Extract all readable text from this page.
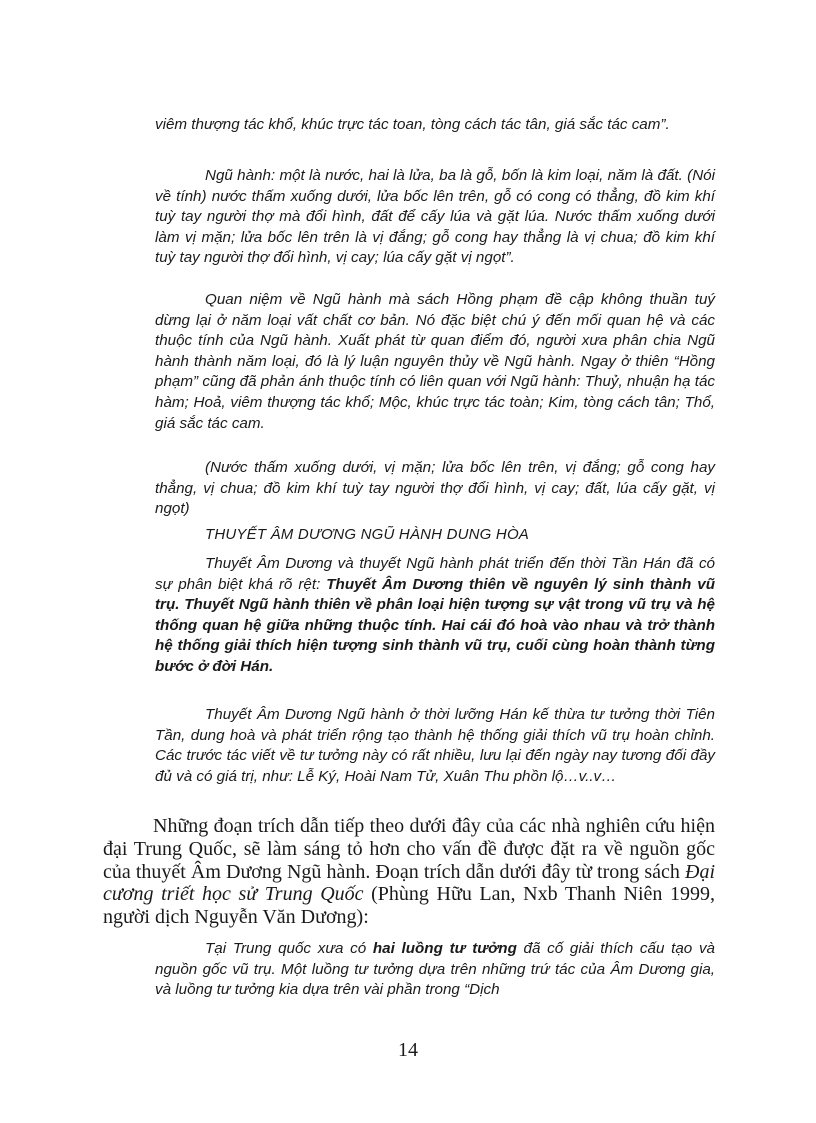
viêm thượng tác khổ, khúc trực tác toan, tòng cách tác tân, giá sắc tác cam”.

Ngũ hành: một là nước, hai là lửa, ba là gỗ, bốn là kim loại, năm là đất. (Nói về tính) nước thấm xuống dưới, lửa bốc lên trên, gỗ có cong có thẳng, đồ kim khí tuỳ tay người thợ mà đổi hình, đất để cấy lúa và gặt lúa. Nước thấm xuống dưới làm vị mặn; lửa bốc lên trên là vị đắng; gỗ cong hay thẳng là vị chua; đồ kim khí tuỳ tay người thợ đổi hình, vị cay; lúa cấy gặt vị ngọt”.

Quan niệm về Ngũ hành mà sách Hồng phạm đề cập không thuần tuý dừng lại ở năm loại vất chất cơ bản. Nó đặc biệt chú ý đến mối quan hệ và các thuộc tính của Ngũ hành. Xuất phát từ quan điểm đó, người xưa phân chia Ngũ hành thành năm loại, đó là lý luận nguyên thủy về Ngũ hành. Ngay ở thiên “Hồng phạm” cũng đã phản ánh thuộc tính có liên quan với Ngũ hành: Thuỷ, nhuận hạ tác hàm; Hoả, viêm thượng tác khổ; Mộc, khúc trực tác toàn; Kim, tòng cách tân; Thổ, giá sắc tác cam.

(Nước thấm xuống dưới, vị mặn; lửa bốc lên trên, vị đắng; gỗ cong hay thẳng, vị chua; đồ kim khí tuỳ tay người thợ đổi hình, vị cay; đất, lúa cấy gặt, vị ngọt)

THUYẾT ÂM DƯƠNG NGŨ HÀNH DUNG HÒA

Thuyết Âm Dương và thuyết Ngũ hành phát triển đến thời Tần Hán đã có sự phân biệt khá rõ rệt: Thuyết Âm Dương thiên về nguyên lý sinh thành vũ trụ. Thuyết Ngũ hành thiên về phân loại hiện tượng sự vật trong vũ trụ và hệ thống quan hệ giữa những thuộc tính. Hai cái đó hoà vào nhau và trở thành hệ thống giải thích hiện tượng sinh thành vũ trụ, cuối cùng hoàn thành từng bước ở đời Hán.

Thuyết Âm Dương Ngũ hành ở thời lưỡng Hán kế thừa tư tưởng thời Tiên Tần, dung hoà và phát triển rộng tạo thành hệ thống giải thích vũ trụ hoàn chỉnh. Các trước tác viết về tư tưởng này có rất nhiều, lưu lại đến ngày nay tương đối đầy đủ và có giá trị, như: Lễ Ký, Hoài Nam Tử, Xuân Thu phồn lộ…v..v…

Những đoạn trích dẫn tiếp theo dưới đây của các nhà nghiên cứu hiện đại Trung Quốc, sẽ làm sáng tỏ hơn cho vấn đề được đặt ra về nguồn gốc của thuyết Âm Dương Ngũ hành. Đoạn trích dẫn dưới đây từ trong sách Đại cương triết học sử Trung Quốc (Phùng Hữu Lan, Nxb Thanh Niên 1999, người dịch Nguyễn Văn Dương):

Tại Trung quốc xưa có hai luồng tư tưởng đã cố giải thích cấu tạo và nguồn gốc vũ trụ. Một luồng tư tưởng dựa trên những trứ tác của Âm Dương gia, và luồng tư tưởng kia dựa trên vài phần trong “Dịch

14
